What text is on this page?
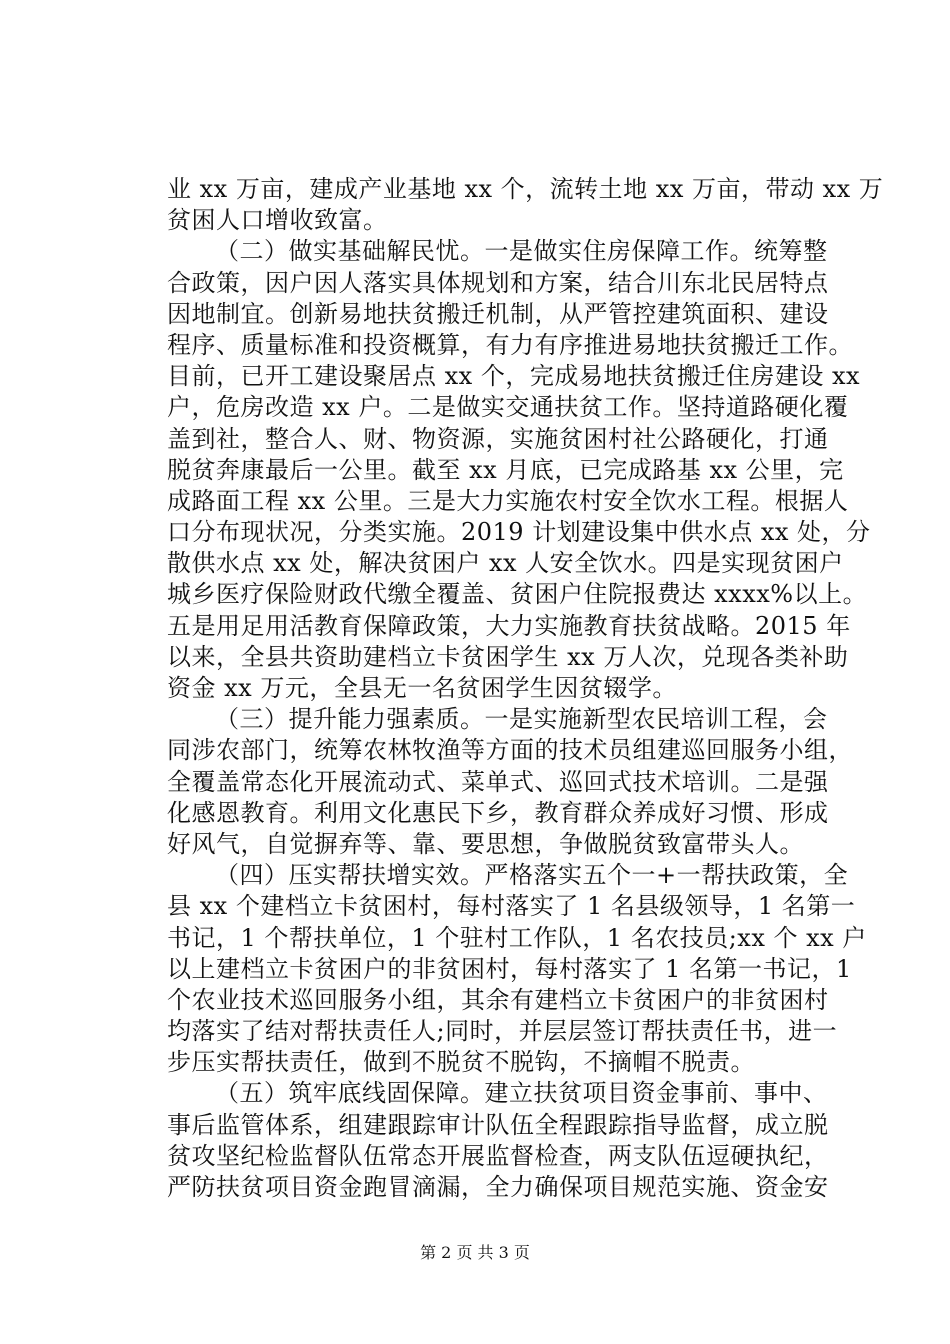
业 xx 万亩，建成产业基地 xx 个，流转土地 xx 万亩，带动 xx 万
贫困人口增收致富。
（二）做实基础解民忧。一是做实住房保障工作。统筹整
合政策，因户因人落实具体规划和方案，结合川东北民居特点
因地制宜。创新易地扶贫搬迁机制，从严管控建筑面积、建设
程序、质量标准和投资概算，有力有序推进易地扶贫搬迁工作。
目前，已开工建设聚居点 xx 个，完成易地扶贫搬迁住房建设 xx
户，危房改造 xx 户。二是做实交通扶贫工作。坚持道路硬化覆
盖到社，整合人、财、物资源，实施贫困村社公路硬化，打通
脱贫奔康最后一公里。截至 xx 月底，已完成路基 xx 公里，完
成路面工程 xx 公里。三是大力实施农村安全饮水工程。根据人
口分布现状况，分类实施。2019 计划建设集中供水点 xx 处，分
散供水点 xx 处，解决贫困户 xx 人安全饮水。四是实现贫困户
城乡医疗保险财政代缴全覆盖、贫困户住院报费达 xxxx%以上。
五是用足用活教育保障政策，大力实施教育扶贫战略。2015 年
以来，全县共资助建档立卡贫困学生 xx 万人次，兑现各类补助
资金 xx 万元，全县无一名贫困学生因贫辍学。
（三）提升能力强素质。一是实施新型农民培训工程，会
同涉农部门，统筹农林牧渔等方面的技术员组建巡回服务小组，
全覆盖常态化开展流动式、菜单式、巡回式技术培训。二是强
化感恩教育。利用文化惠民下乡，教育群众养成好习惯、形成
好风气，自觉摒弃等、靠、要思想，争做脱贫致富带头人。
（四）压实帮扶增实效。严格落实五个一+一帮扶政策，全
县 xx 个建档立卡贫困村，每村落实了 1 名县级领导，1 名第一
书记，1 个帮扶单位，1 个驻村工作队，1 名农技员;xx 个 xx 户
以上建档立卡贫困户的非贫困村，每村落实了 1 名第一书记，1
个农业技术巡回服务小组，其余有建档立卡贫困户的非贫困村
均落实了结对帮扶责任人;同时，并层层签订帮扶责任书，进一
步压实帮扶责任，做到不脱贫不脱钩，不摘帽不脱责。
（五）筑牢底线固保障。建立扶贫项目资金事前、事中、
事后监管体系，组建跟踪审计队伍全程跟踪指导监督，成立脱
贫攻坚纪检监督队伍常态开展监督检查，两支队伍逗硬执纪，
严防扶贫项目资金跑冒滴漏，全力确保项目规范实施、资金安
第 2 页 共 3 页
